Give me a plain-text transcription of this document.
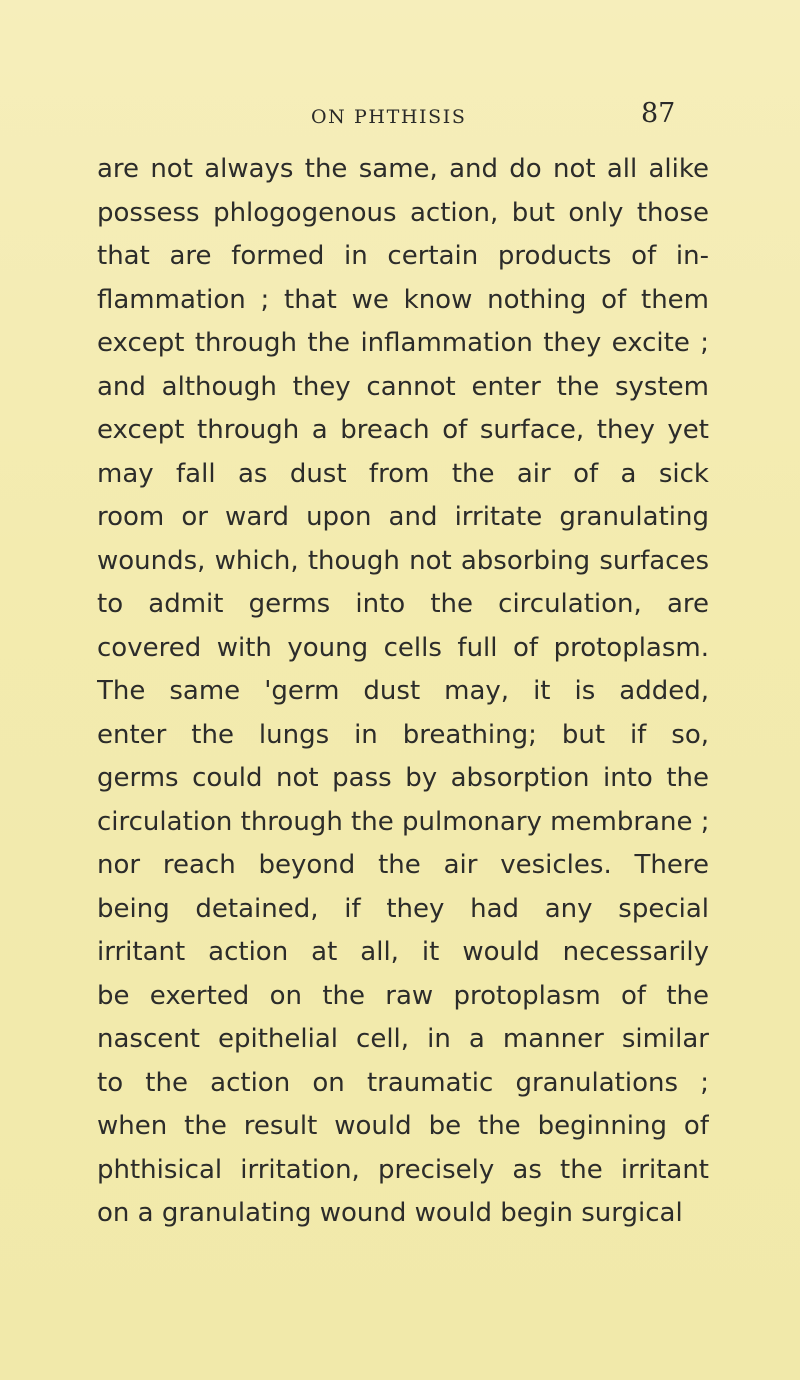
ON PHTHISIS	87
are not always the same, and do not all alike
possess phlogogenous action, but only those
that are formed in certain products of in-
flammation ; that we know nothing of them
except through the inflammation they excite ;
and although they cannot enter the system
except through a breach of surface, they yet
may fall as dust from the air of a sick
room or ward upon and irritate granulating
wounds, which, though not absorbing surfaces
to admit germs into the circulation, are
covered with young cells full of protoplasm.
The same 'germ dust may, it is added,
enter the lungs in breathing; but if so,
germs could not pass by absorption into the
circulation through the pulmonary membrane ;
nor reach beyond the air vesicles. There
being detained, if they had any special
irritant action at all, it would necessarily
be exerted on the raw protoplasm of the
nascent epithelial cell, in a manner similar
to the action on traumatic granulations ;
when the result would be the beginning of
phthisical irritation, precisely as the irritant
on a granulating wound would begin surgical
